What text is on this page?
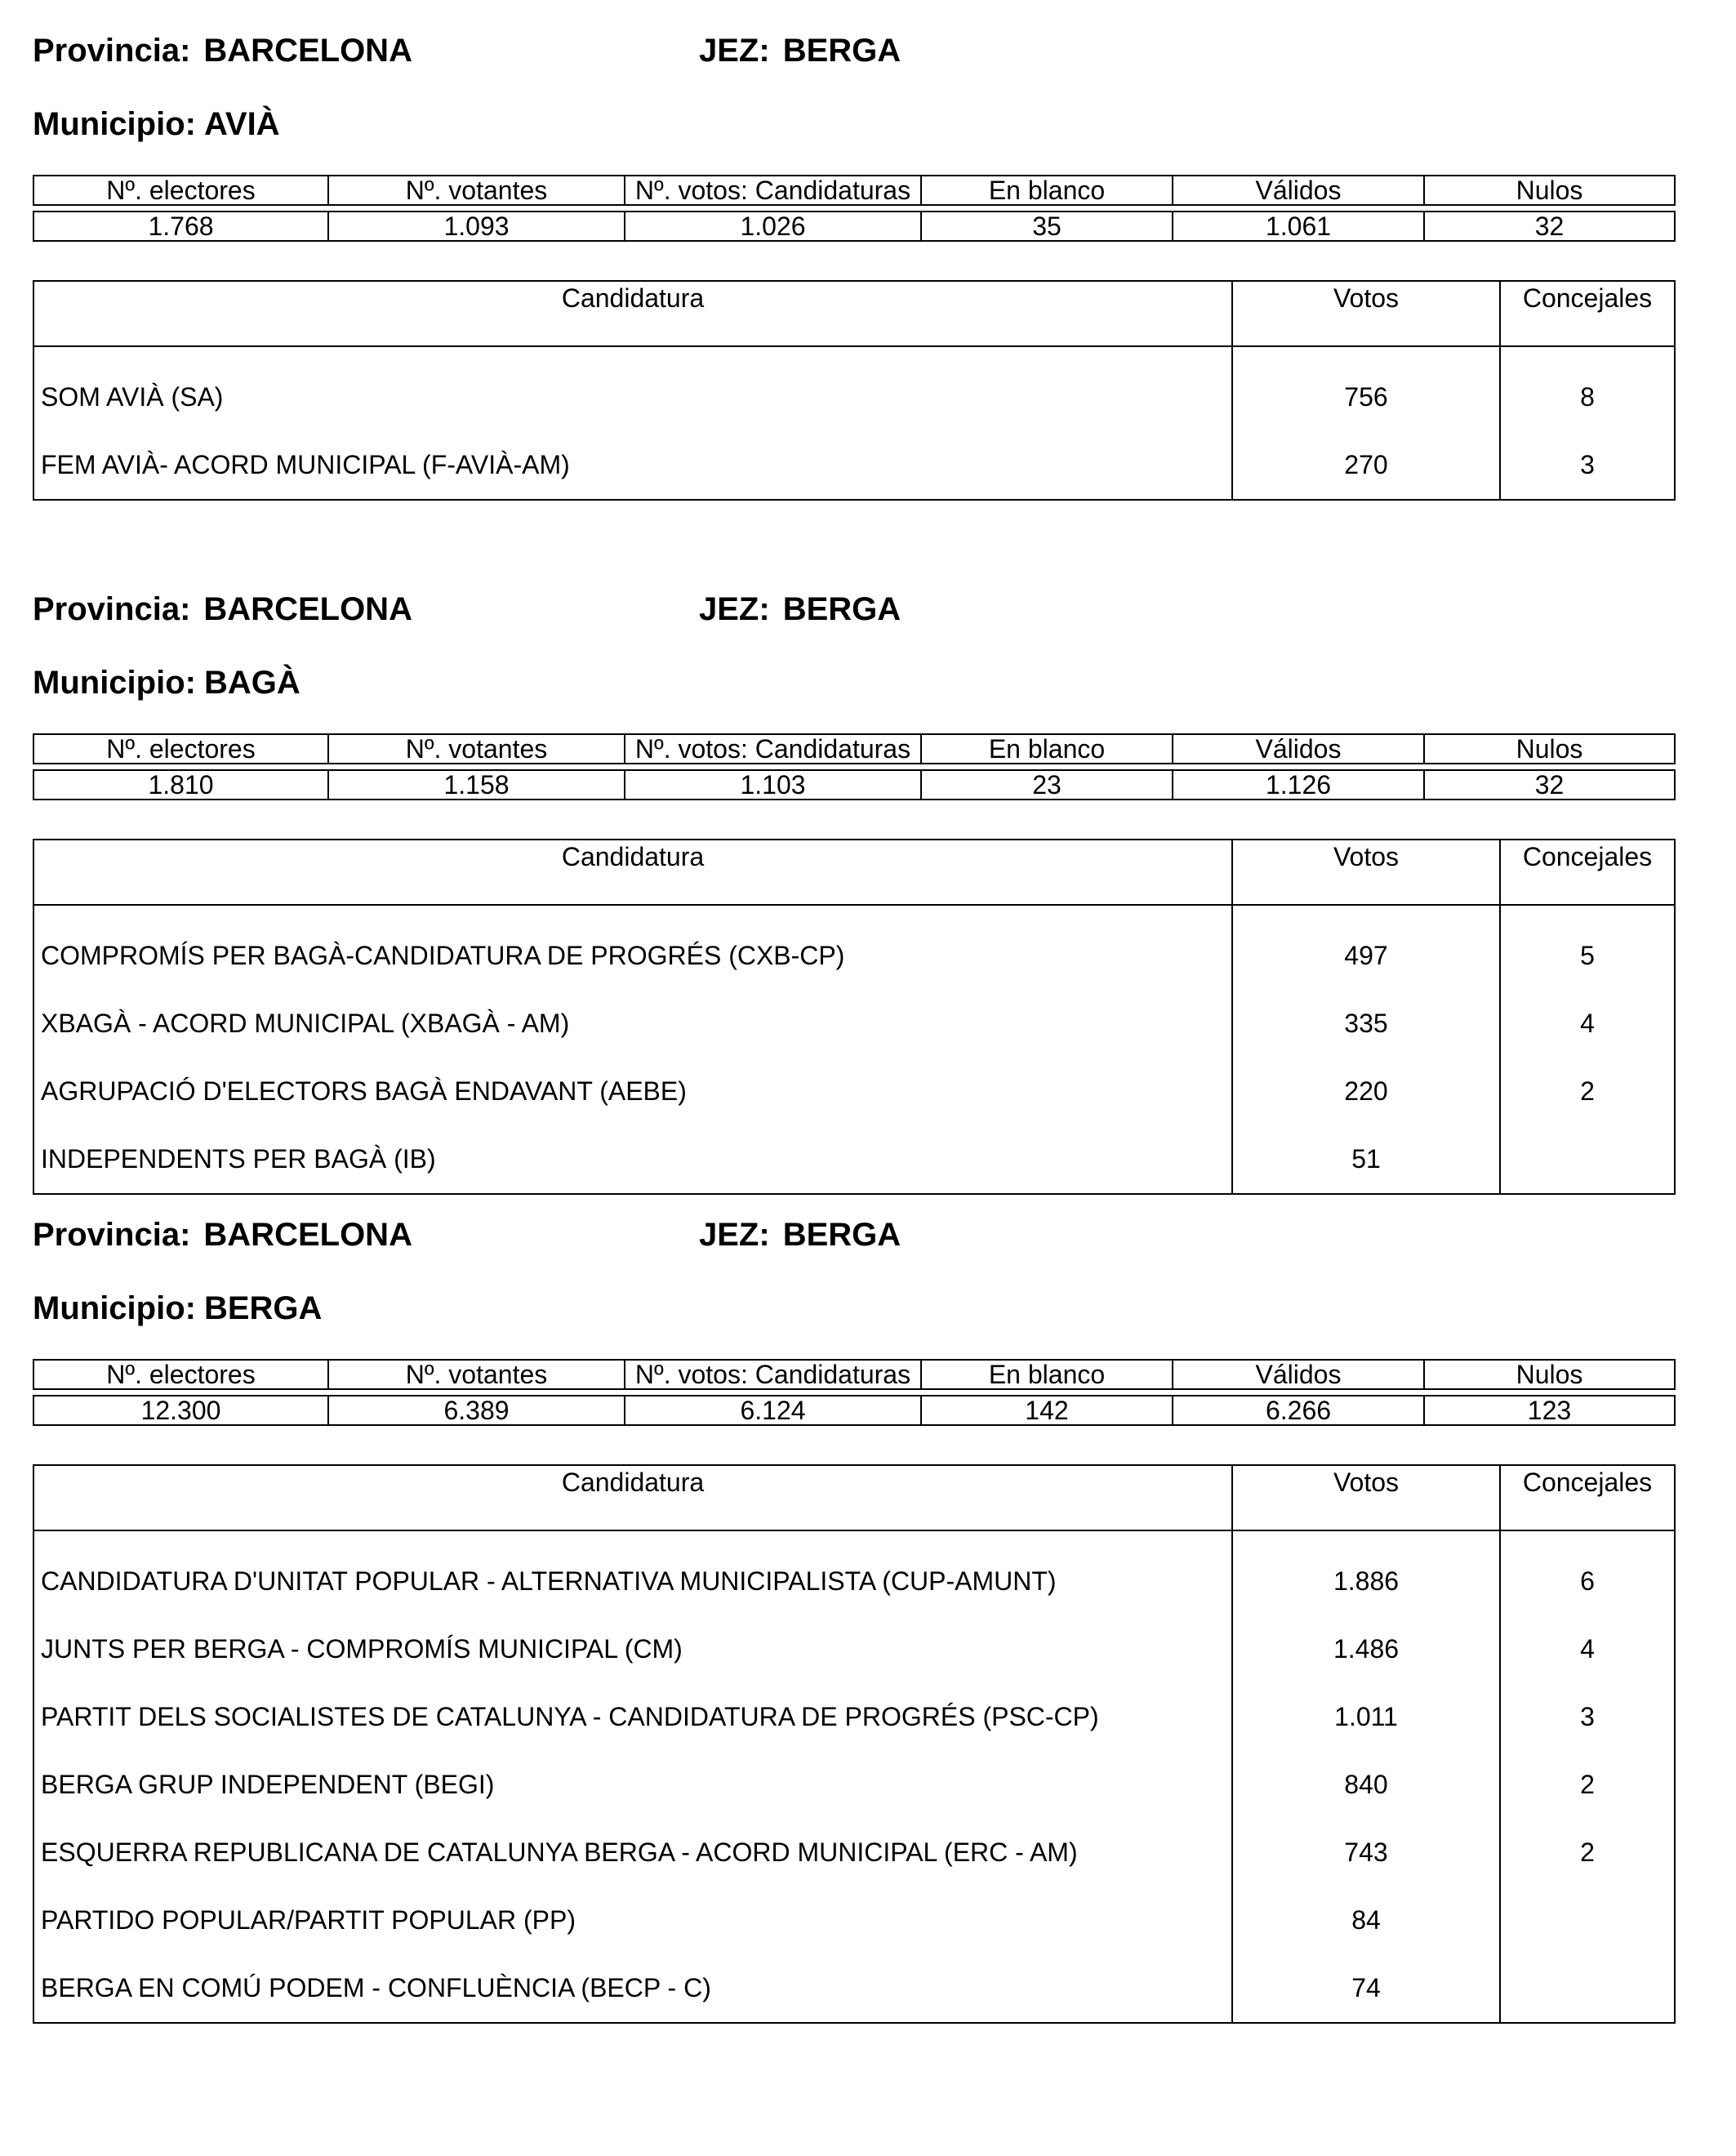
Provincia: BARCELONA	JEZ: BERGA
Municipio: AVIÀ
Nº. electores	Nº. votantes	Nº. votos: Candidaturas	En blanco	Válidos	Nulos
1.768	1.093	1.026	35	1.061	32
Candidatura	Votos	Concejales
SOM AVIÀ (SA)	756	8
FEM AVIÀ- ACORD MUNICIPAL (F-AVIÀ-AM)	270	3
Provincia: BARCELONA	JEZ: BERGA
Municipio: BAGÀ
Nº. electores	Nº. votantes	Nº. votos: Candidaturas	En blanco	Válidos	Nulos
1.810	1.158	1.103	23	1.126	32
Candidatura	Votos	Concejales
COMPROMÍS PER BAGÀ-CANDIDATURA DE PROGRÉS (CXB-CP)	497	5
XBAGÀ - ACORD MUNICIPAL (XBAGÀ - AM)	335	4
AGRUPACIÓ D'ELECTORS BAGÀ ENDAVANT (AEBE)	220	2
INDEPENDENTS PER BAGÀ (IB)	51
Provincia: BARCELONA	JEZ: BERGA
Municipio: BERGA
Nº. electores	Nº. votantes	Nº. votos: Candidaturas	En blanco	Válidos	Nulos
12.300	6.389	6.124	142	6.266	123
Candidatura	Votos	Concejales
CANDIDATURA D'UNITAT POPULAR - ALTERNATIVA MUNICIPALISTA (CUP-AMUNT)	1.886	6
JUNTS PER BERGA - COMPROMÍS MUNICIPAL (CM)	1.486	4
PARTIT DELS SOCIALISTES DE CATALUNYA - CANDIDATURA DE PROGRÉS (PSC-CP)	1.011	3
BERGA GRUP INDEPENDENT (BEGI)	840	2
ESQUERRA REPUBLICANA DE CATALUNYA BERGA - ACORD MUNICIPAL (ERC - AM)	743	2
PARTIDO POPULAR/PARTIT POPULAR (PP)	84
BERGA EN COMÚ PODEM - CONFLUÈNCIA (BECP - C)	74
